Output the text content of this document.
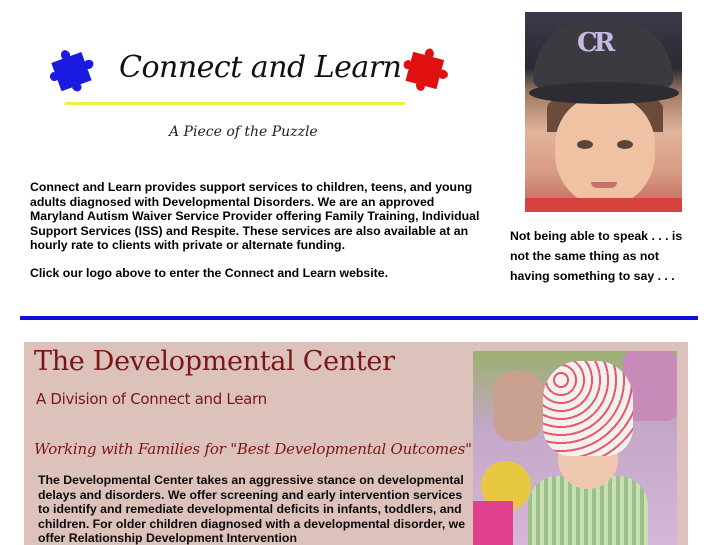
Connect and Learn
A Piece of the Puzzle

Connect and Learn provides support services to children, teens, and young adults diagnosed with Developmental Disorders. We are an approved Maryland Autism Waiver Service Provider offering Family Training, Individual Support Services (ISS) and Respite. These services are also available at an hourly rate to clients with private or alternate funding.

Click our logo above to enter the Connect and Learn website.

CR
Not being able to speak . . . is not the same thing as not having something to say . . .
The Developmental Center
A Division of Connect and Learn
Working with Families for "Best Developmental Outcomes"
The Developmental Center takes an aggressive stance on developmental delays and disorders. We offer screening and early intervention services to identify and remediate developmental deficits in infants, toddlers, and children. For older children diagnosed with a developmental disorder, we offer Relationship Development Intervention
